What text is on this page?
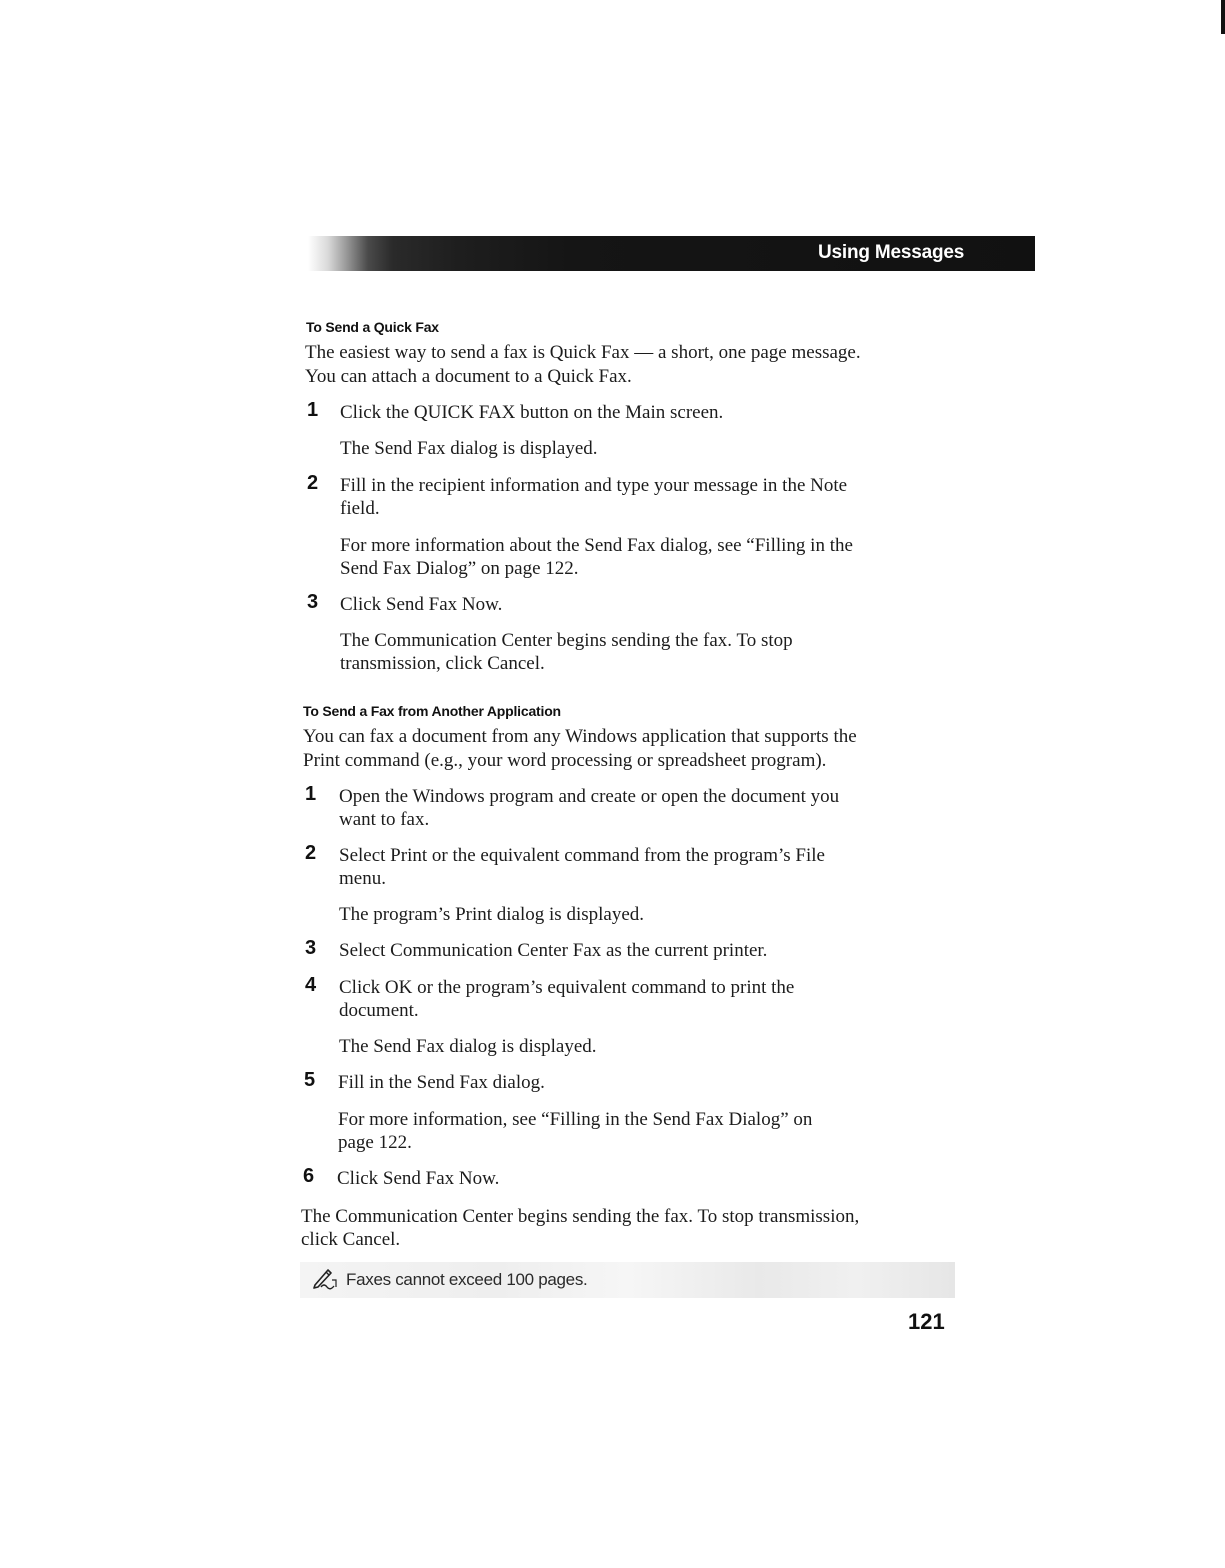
Using Messages
To Send a Quick Fax

The easiest way to send a fax is Quick Fax — a short, one page message.

You can attach a document to a Quick Fax.

1 Click the QUICK FAX button on the Main screen.

The Send Fax dialog is displayed.

2 Fill in the recipient information and type your message in the Note

field.

For more information about the Send Fax dialog, see “Filling in the

Send Fax Dialog” on page 122.

3 Click Send Fax Now.

The Communication Center begins sending the fax. To stop

transmission, click Cancel.

To Send a Fax from Another Application

You can fax a document from any Windows application that supports the

Print command (e.g., your word processing or spreadsheet program).

1 Open the Windows program and create or open the document you

want to fax.

2 Select Print or the equivalent command from the program’s File

menu.

The program’s Print dialog is displayed.

3 Select Communication Center Fax as the current printer.

4 Click OK or the program’s equivalent command to print the

document.

The Send Fax dialog is displayed.

5 Fill in the Send Fax dialog.

For more information, see “Filling in the Send Fax Dialog” on

page 122.

6 Click Send Fax Now.

The Communication Center begins sending the fax. To stop transmission,

click Cancel.

Faxes cannot exceed 100 pages.
121
